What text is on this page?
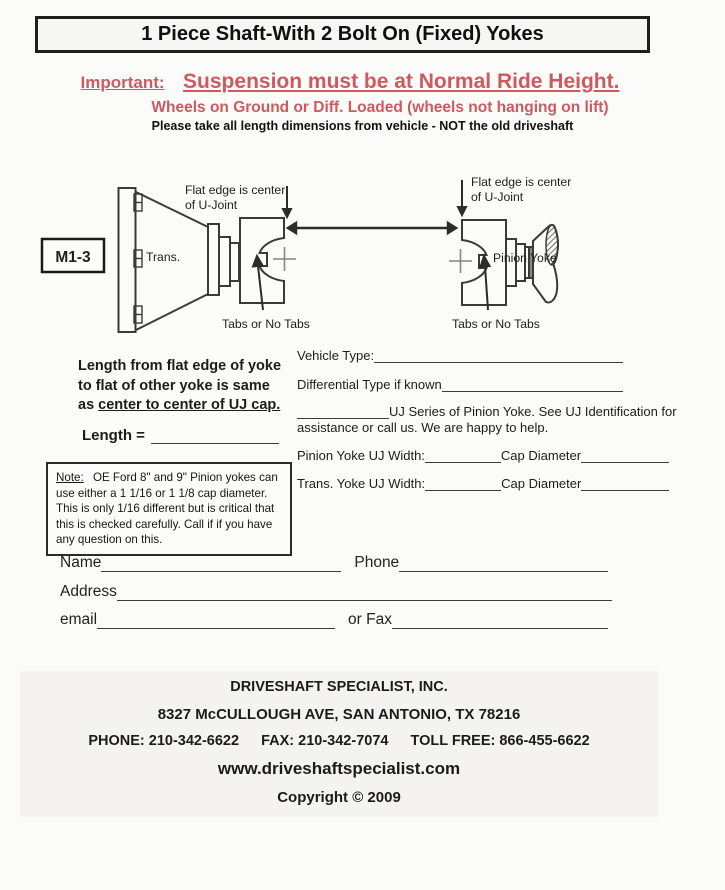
1 Piece Shaft-With 2 Bolt On (Fixed) Yokes
Important: Suspension must be at Normal Ride Height.
Wheels on Ground or Diff. Loaded (wheels not hanging on lift)
Please take all length dimensions from vehicle - NOT the old driveshaft
M1-3
Flat edge is center
of U-Joint
Flat edge is center
of U-Joint
Trans.	Pinion Yoke
Tabs or No Tabs	Tabs or No Tabs
Length from flat edge of yoke
to flat of other yoke is same
as center to center of UJ cap.
Length =
Vehicle Type:
Differential Type if known
UJ Series of Pinion Yoke. See UJ Identification for
assistance or call us. We are happy to help.
Pinion Yoke UJ Width:	Cap Diameter
Trans. Yoke UJ Width:	Cap Diameter
Note: OE Ford 8" and 9" Pinion yokes can use either a 1 1/16 or 1 1/8 cap diameter. This is only 1/16 different but is critical that this is checked carefully. Call if if you have any question on this.
Name	Phone
Address
email	or Fax
DRIVESHAFT SPECIALIST, INC.
8327 McCULLOUGH AVE, SAN ANTONIO, TX 78216
PHONE: 210-342-6622 FAX: 210-342-7074 TOLL FREE: 866-455-6622
www.driveshaftspecialist.com
Copyright © 2009
